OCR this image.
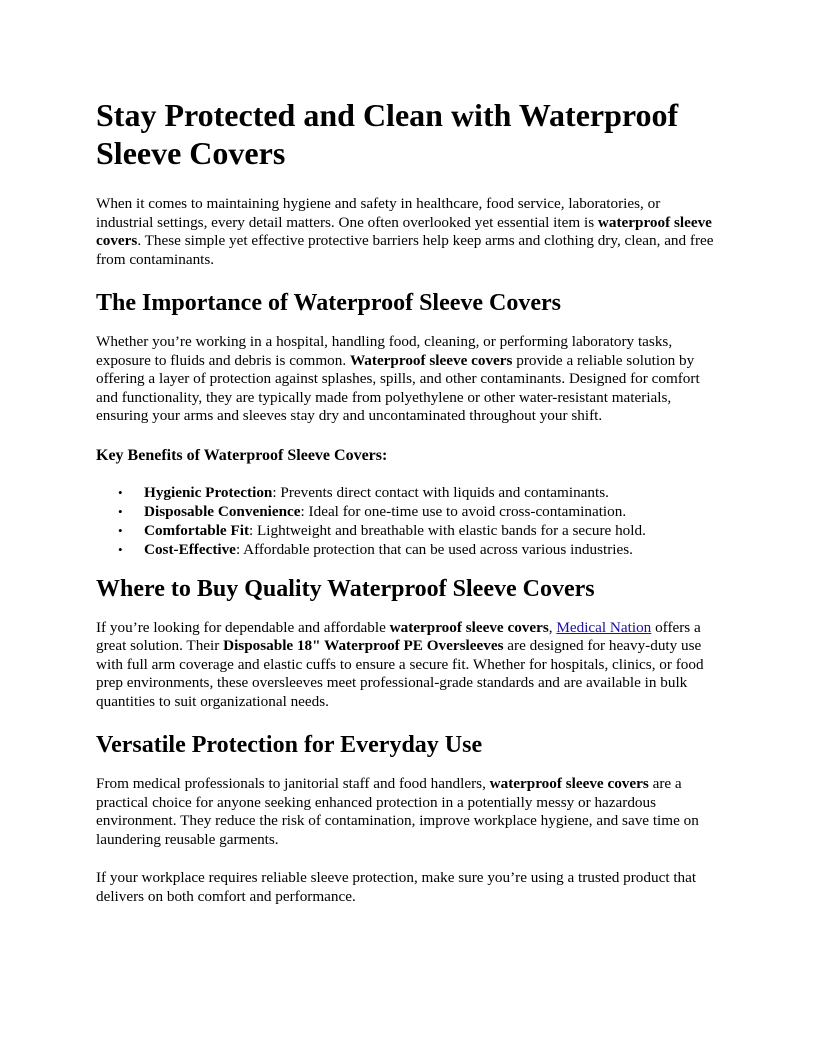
Stay Protected and Clean with Waterproof Sleeve Covers

When it comes to maintaining hygiene and safety in healthcare, food service, laboratories, or industrial settings, every detail matters. One often overlooked yet essential item is waterproof sleeve covers. These simple yet effective protective barriers help keep arms and clothing dry, clean, and free from contaminants.

The Importance of Waterproof Sleeve Covers

Whether you’re working in a hospital, handling food, cleaning, or performing laboratory tasks, exposure to fluids and debris is common. Waterproof sleeve covers provide a reliable solution by offering a layer of protection against splashes, spills, and other contaminants. Designed for comfort and functionality, they are typically made from polyethylene or other water-resistant materials, ensuring your arms and sleeves stay dry and uncontaminated throughout your shift.

Key Benefits of Waterproof Sleeve Covers:
• Hygienic Protection: Prevents direct contact with liquids and contaminants.
• Disposable Convenience: Ideal for one-time use to avoid cross-contamination.
• Comfortable Fit: Lightweight and breathable with elastic bands for a secure hold.
• Cost-Effective: Affordable protection that can be used across various industries.
Where to Buy Quality Waterproof Sleeve Covers

If you’re looking for dependable and affordable waterproof sleeve covers, Medical Nation offers a great solution. Their Disposable 18" Waterproof PE Oversleeves are designed for heavy-duty use with full arm coverage and elastic cuffs to ensure a secure fit. Whether for hospitals, clinics, or food prep environments, these oversleeves meet professional-grade standards and are available in bulk quantities to suit organizational needs.

Versatile Protection for Everyday Use

From medical professionals to janitorial staff and food handlers, waterproof sleeve covers are a practical choice for anyone seeking enhanced protection in a potentially messy or hazardous environment. They reduce the risk of contamination, improve workplace hygiene, and save time on laundering reusable garments.

If your workplace requires reliable sleeve protection, make sure you’re using a trusted product that delivers on both comfort and performance.
